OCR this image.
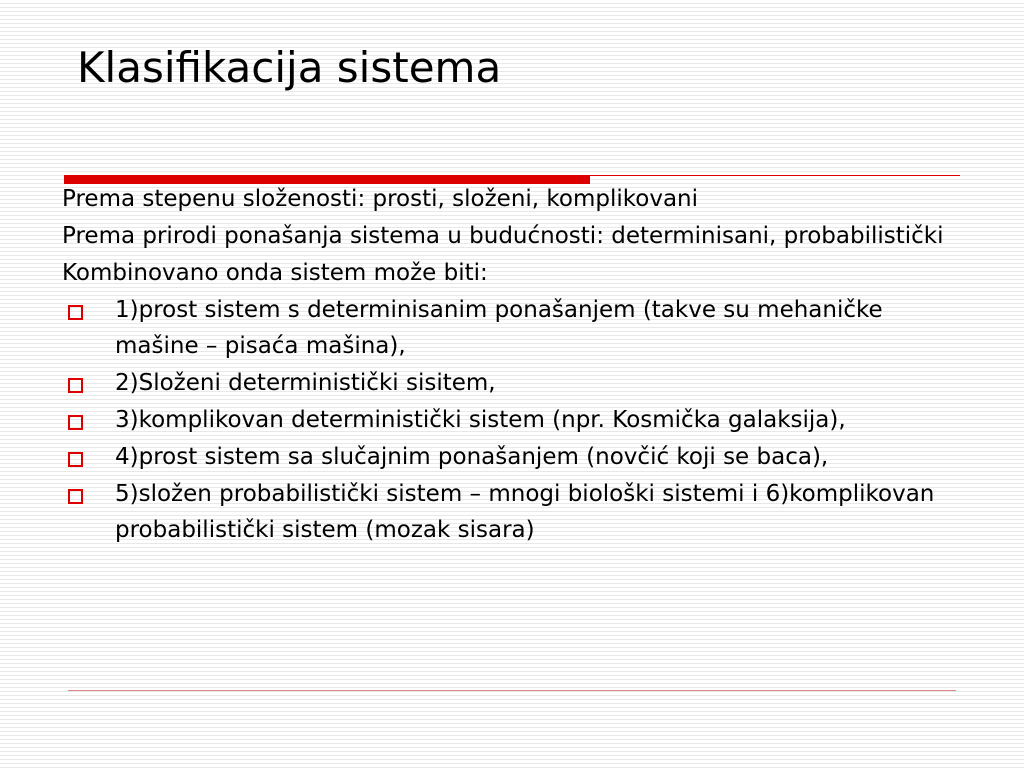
Klasifikacija sistema

Prema stepenu složenosti: prosti, složeni, komplikovani

Prema prirodi ponašanja sistema u budućnosti: determinisani, probabilistički

Kombinovano onda sistem može biti:

1)prost sistem s determinisanim ponašanjem (takve su mehaničke mašine – pisaća mašina),
2)Složeni deterministički sisitem,
3)komplikovan deterministički sistem (npr. Kosmička galaksija),
4)prost sistem sa slučajnim ponašanjem (novčić koji se baca),
5)složen probabilistički sistem – mnogi biološki sistemi i 6)komplikovan probabilistički sistem (mozak sisara)
